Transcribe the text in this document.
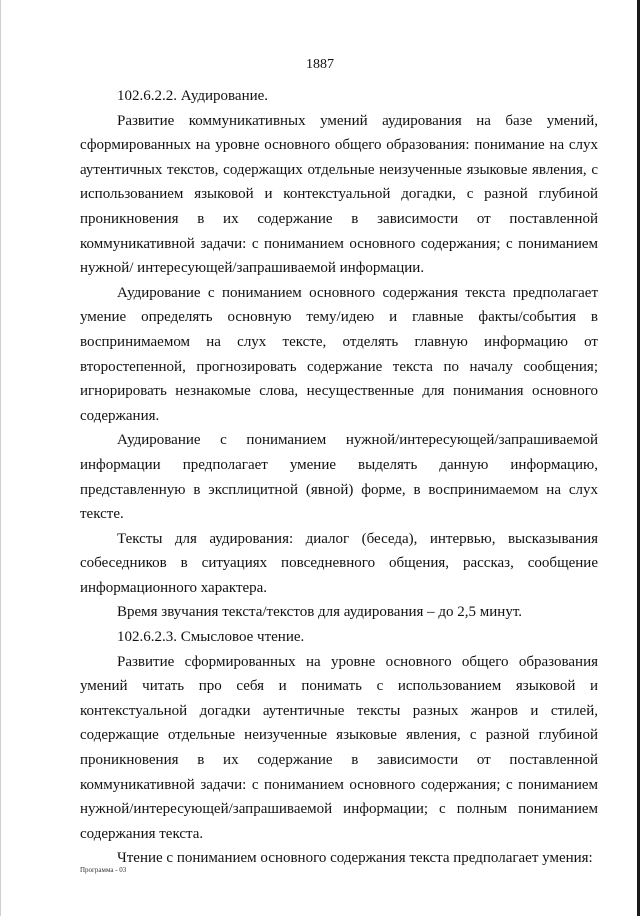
1887

102.6.2.2. Аудирование.

Развитие коммуникативных умений аудирования на базе умений, сформированных на уровне основного общего образования: понимание на слух аутентичных текстов, содержащих отдельные неизученные языковые явления, с использованием языковой и контекстуальной догадки, с разной глубиной проникновения в их содержание в зависимости от поставленной коммуникативной задачи: с пониманием основного содержания; с пониманием нужной/ интересующей/запрашиваемой информации.

Аудирование с пониманием основного содержания текста предполагает умение определять основную тему/идею и главные факты/события в воспринимаемом на слух тексте, отделять главную информацию от второстепенной, прогнозировать содержание текста по началу сообщения; игнорировать незнакомые слова, несущественные для понимания основного содержания.

Аудирование с пониманием нужной/интересующей/запрашиваемой информации предполагает умение выделять данную информацию, представленную в эксплицитной (явной) форме, в воспринимаемом на слух тексте.

Тексты для аудирования: диалог (беседа), интервью, высказывания собеседников в ситуациях повседневного общения, рассказ, сообщение информационного характера.

Время звучания текста/текстов для аудирования – до 2,5 минут.

102.6.2.3. Смысловое чтение.

Развитие сформированных на уровне основного общего образования умений читать про себя и понимать с использованием языковой и контекстуальной догадки аутентичные тексты разных жанров и стилей, содержащие отдельные неизученные языковые явления, с разной глубиной проникновения в их содержание в зависимости от поставленной коммуникативной задачи: с пониманием основного содержания; с пониманием нужной/интересующей/запрашиваемой информации; с полным пониманием содержания текста.

Чтение с пониманием основного содержания текста предполагает умения:

Программа - 03
